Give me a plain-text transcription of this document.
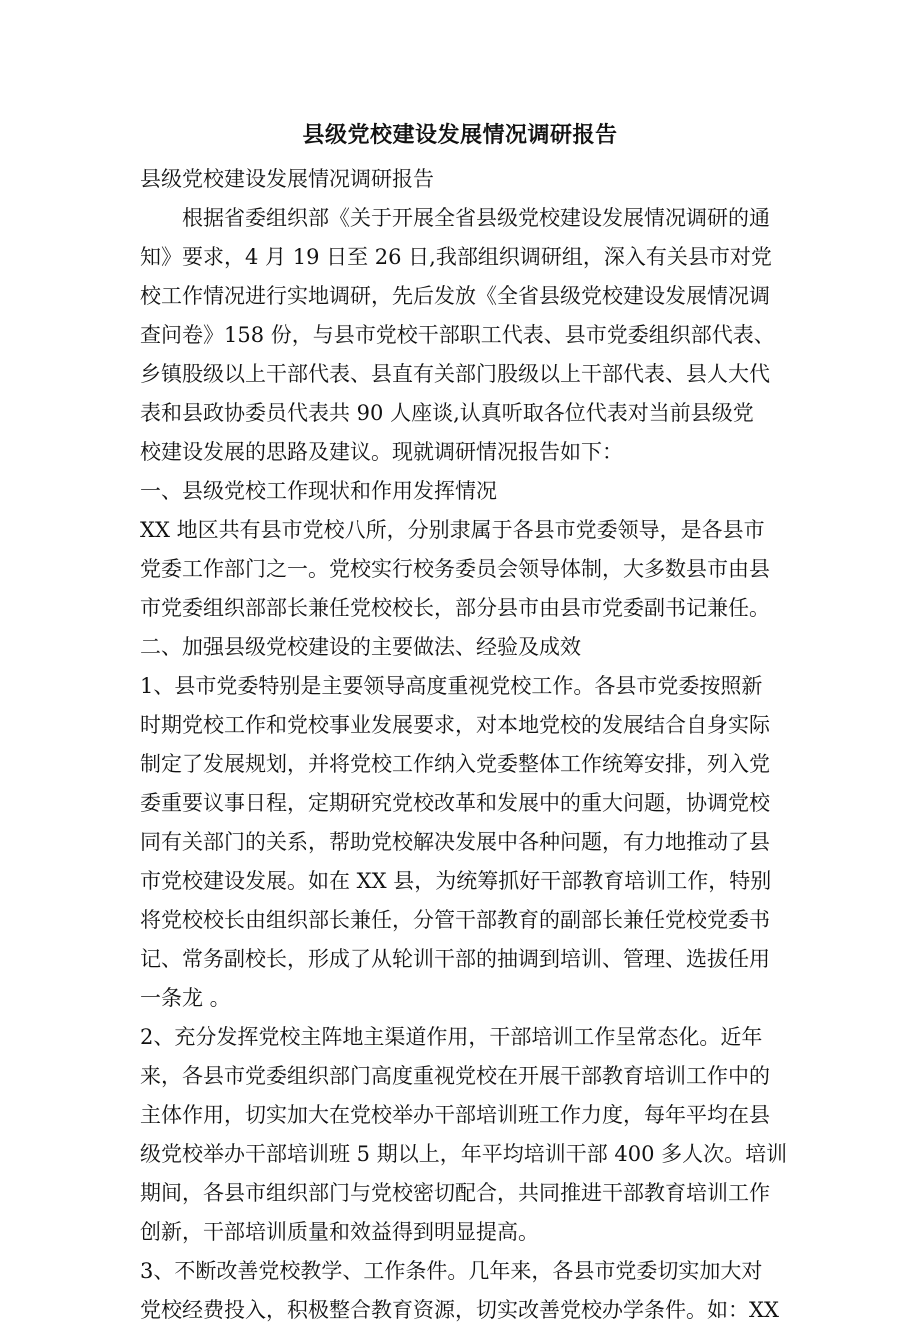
县级党校建设发展情况调研报告
县级党校建设发展情况调研报告
根据省委组织部《关于开展全省县级党校建设发展情况调研的通
知》要求，4 月 19 日至 26 日,我部组织调研组，深入有关县市对党
校工作情况进行实地调研，先后发放《全省县级党校建设发展情况调
查问卷》158 份，与县市党校干部职工代表、县市党委组织部代表、
乡镇股级以上干部代表、县直有关部门股级以上干部代表、县人大代
表和县政协委员代表共 90 人座谈,认真听取各位代表对当前县级党
校建设发展的思路及建议。现就调研情况报告如下：
一、县级党校工作现状和作用发挥情况
XX 地区共有县市党校八所，分别隶属于各县市党委领导，是各县市
党委工作部门之一。党校实行校务委员会领导体制，大多数县市由县
市党委组织部部长兼任党校校长，部分县市由县市党委副书记兼任。
二、加强县级党校建设的主要做法、经验及成效
1、县市党委特别是主要领导高度重视党校工作。各县市党委按照新
时期党校工作和党校事业发展要求，对本地党校的发展结合自身实际
制定了发展规划，并将党校工作纳入党委整体工作统筹安排，列入党
委重要议事日程，定期研究党校改革和发展中的重大问题，协调党校
同有关部门的关系，帮助党校解决发展中各种问题，有力地推动了县
市党校建设发展。如在 XX 县，为统筹抓好干部教育培训工作，特别
将党校校长由组织部长兼任，分管干部教育的副部长兼任党校党委书
记、常务副校长，形成了从轮训干部的抽调到培训、管理、选拔任用
一条龙 。
2、充分发挥党校主阵地主渠道作用，干部培训工作呈常态化。近年
来，各县市党委组织部门高度重视党校在开展干部教育培训工作中的
主体作用，切实加大在党校举办干部培训班工作力度，每年平均在县
级党校举办干部培训班 5 期以上，年平均培训干部 400 多人次。培训
期间，各县市组织部门与党校密切配合，共同推进干部教育培训工作
创新，干部培训质量和效益得到明显提高。
3、不断改善党校教学、工作条件。几年来，各县市党委切实加大对
党校经费投入，积极整合教育资源，切实改善党校办学条件。如：XX
